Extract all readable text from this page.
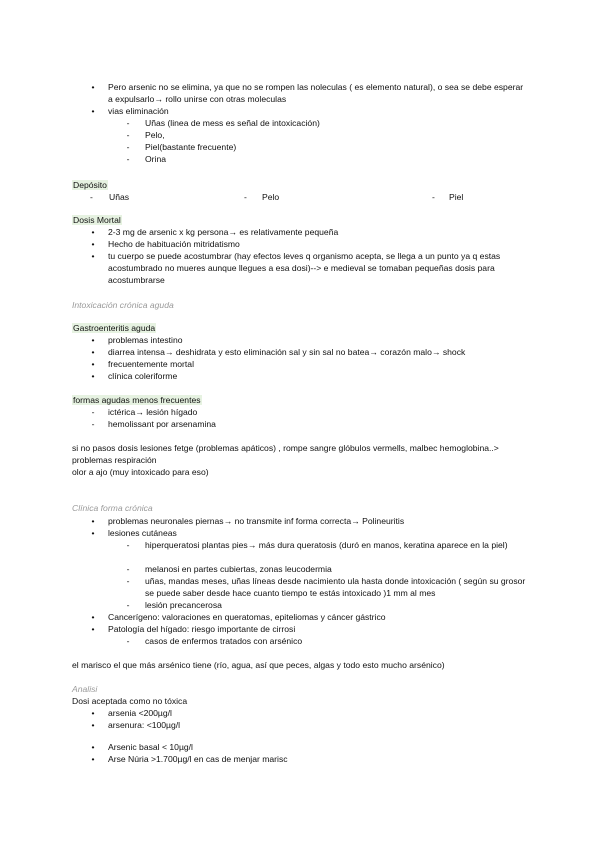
• Pero arsenic no se elimina, ya que no se rompen las noleculas ( es elemento natural), o sea se debe esperar a expulsarlo→ rollo unirse con otras moleculas
• vias eliminación
- Uñas (linea de mess es señal de intoxicación)
- Pelo,
- Piel(bastante frecuente)
- Orina
Depósito
- Uñas	- Pelo	- Piel
Dosis Mortal
• 2-3 mg de arsenic x kg persona→ es relativamente pequeña
• Hecho de habituación mitridatismo
• tu cuerpo se puede acostumbrar (hay efectos leves q organismo acepta, se llega a un punto ya q estas acostumbrado no mueres aunque llegues a esa dosi)--> e medieval se tomaban pequeñas dosis para acostumbrarse
Intoxicación crónica aguda
Gastroenteritis aguda
• problemas intestino
• diarrea intensa→ deshidrata y esto eliminación sal y sin sal no batea→ corazón malo→ shock
• frecuentemente mortal
• clínica coleriforme
formas agudas menos frecuentes
- ictérica→ lesión hígado
- hemolissant por arsenamina
si no pasos dosis lesiones fetge (problemas apáticos) , rompe sangre glóbulos vermells, malbec hemoglobina..> problemas respiración
olor a ajo (muy intoxicado para eso)
Clínica forma crónica
• problemas neuronales piernas→ no transmite inf forma correcta→ Polineuritis
• lesiones cutáneas
- hiperqueratosi plantas pies→ más dura queratosis (duró en manos, keratina aparece en la piel)
- melanosi en partes cubiertas, zonas leucodermia
- uñas, mandas meses, uñas líneas desde nacimiento ula hasta donde intoxicación ( según su grosor se puede saber desde hace cuanto tiempo te estás intoxicado )1 mm al mes
- lesión precancerosa
• Cancerígeno: valoraciones en queratomas, epiteliomas y cáncer gástrico
• Patología del hígado: riesgo importante de cirrosi
- casos de enfermos tratados con arsénico
el marisco el que más arsénico tiene (río, agua, así que peces, algas y todo esto mucho arsénico)
Analisi
Dosi aceptada como no tóxica
• arsenia <200µg/l
• arsenura: <100µg/l
• Arsenic basal < 10µg/l
• Arse Núria >1.700µg/l en cas de menjar marisc
